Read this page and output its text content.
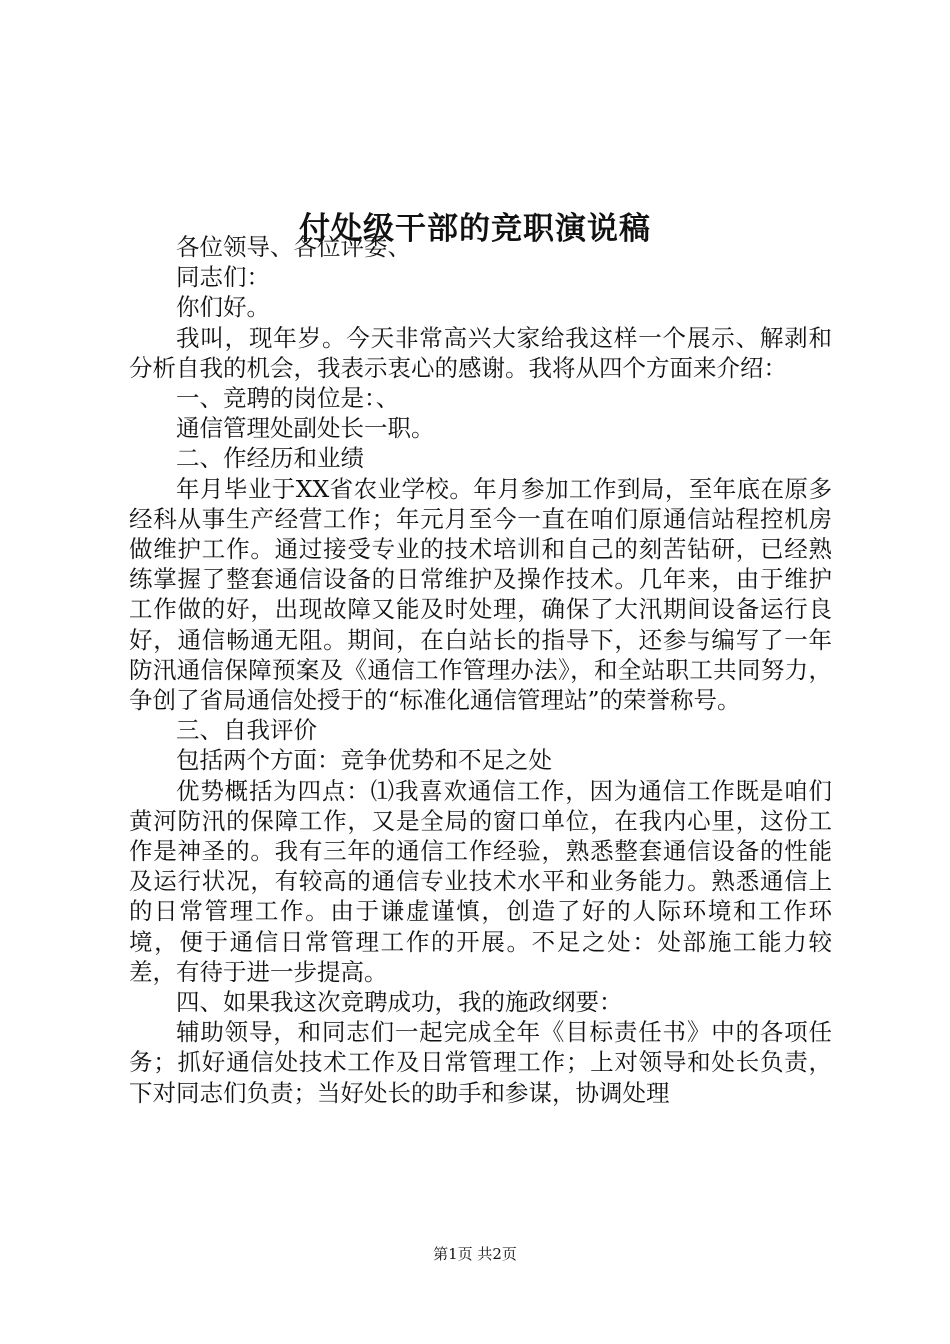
付处级干部的竞职演说稿

各位领导、各位评委、

同志们：

你们好。

我叫，现年岁。今天非常高兴大家给我这样一个展示、解剥和分析自我的机会，我表示衷心的感谢。我将从四个方面来介绍：

一、竞聘的岗位是：、

通信管理处副处长一职。

二、作经历和业绩

年月毕业于XX省农业学校。年月参加工作到局，至年底在原多经科从事生产经营工作；年元月至今一直在咱们原通信站程控机房做维护工作。通过接受专业的技术培训和自己的刻苦钻研，已经熟练掌握了整套通信设备的日常维护及操作技术。几年来，由于维护工作做的好，出现故障又能及时处理，确保了大汛期间设备运行良好，通信畅通无阻。期间，在白站长的指导下，还参与编写了一年防汛通信保障预案及《通信工作管理办法》，和全站职工共同努力，争创了省局通信处授于的“标准化通信管理站”的荣誉称号。

三、自我评价

包括两个方面：竞争优势和不足之处

优势概括为四点：⑴我喜欢通信工作，因为通信工作既是咱们黄河防汛的保障工作，又是全局的窗口单位，在我内心里，这份工作是神圣的。我有三年的通信工作经验，熟悉整套通信设备的性能及运行状况，有较高的通信专业技术水平和业务能力。熟悉通信上的日常管理工作。由于谦虚谨慎，创造了好的人际环境和工作环境，便于通信日常管理工作的开展。不足之处：处部施工能力较差，有待于进一步提高。

四、如果我这次竞聘成功，我的施政纲要：

辅助领导，和同志们一起完成全年《目标责任书》中的各项任务；抓好通信处技术工作及日常管理工作；上对领导和处长负责，下对同志们负责；当好处长的助手和参谋，协调处理

第1页 共2页
